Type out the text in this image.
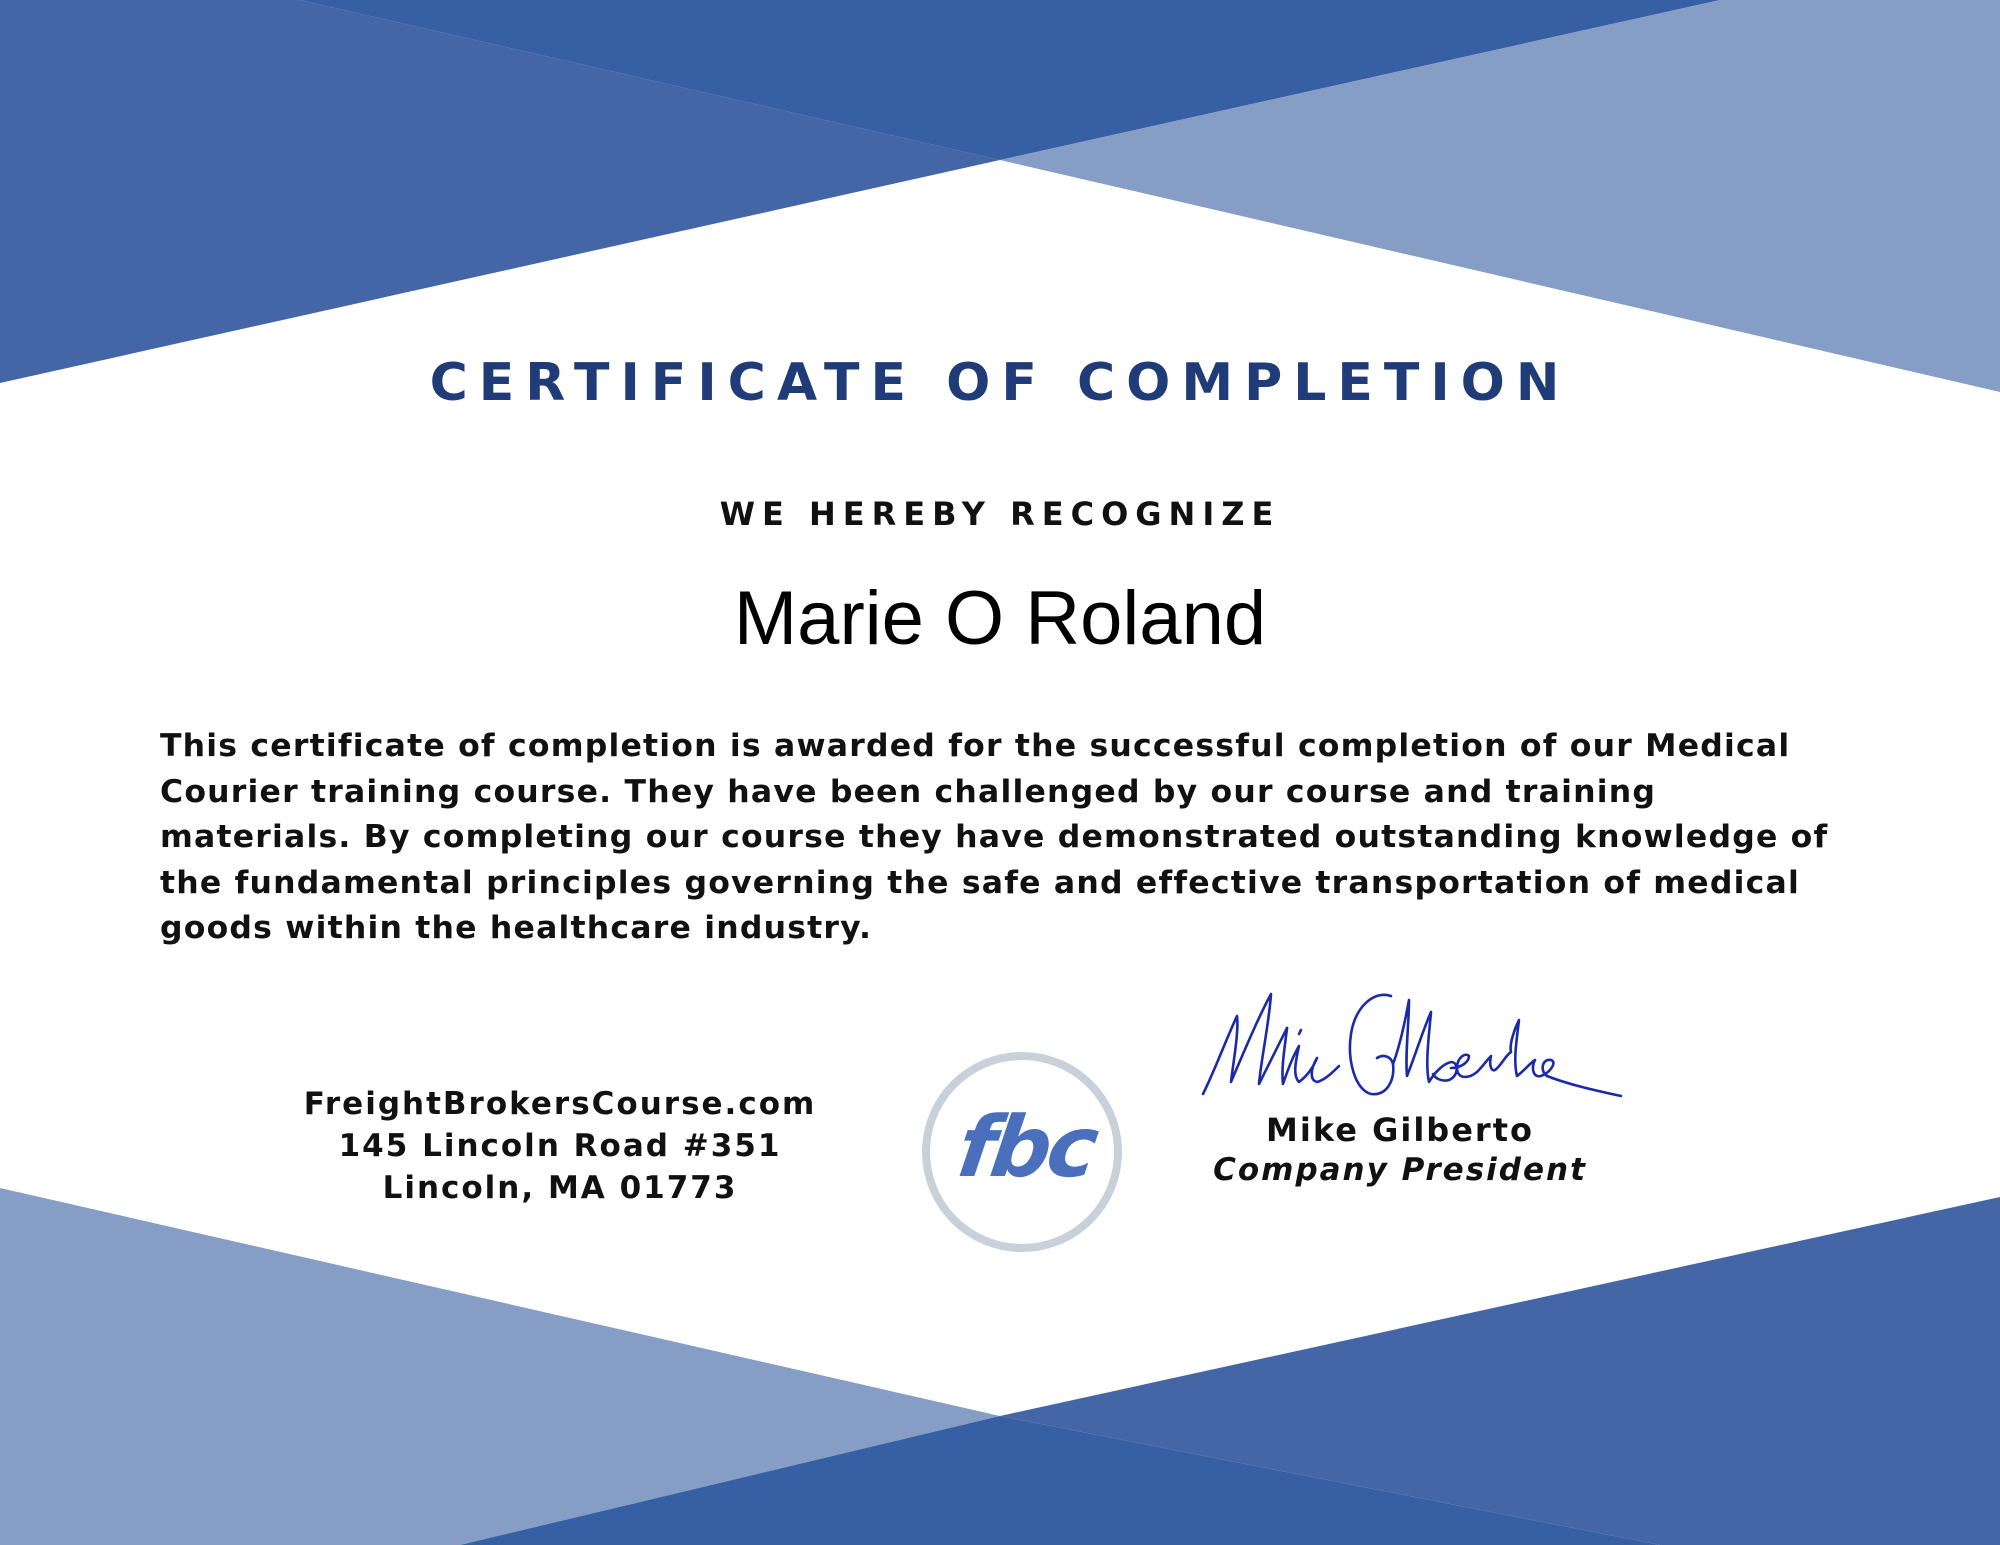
CERTIFICATE OF COMPLETION
WE HEREBY RECOGNIZE
Marie O Roland
This certificate of completion is awarded for the successful completion of our Medical
Courier training course. They have been challenged by our course and training
materials. By completing our course they have demonstrated outstanding knowledge of
the fundamental principles governing the safe and effective transportation of medical
goods within the healthcare industry.
FreightBrokersCourse.com
145 Lincoln Road #351
Lincoln, MA 01773	fbc
Mike Gilberto
Mike Gilberto
Company President
